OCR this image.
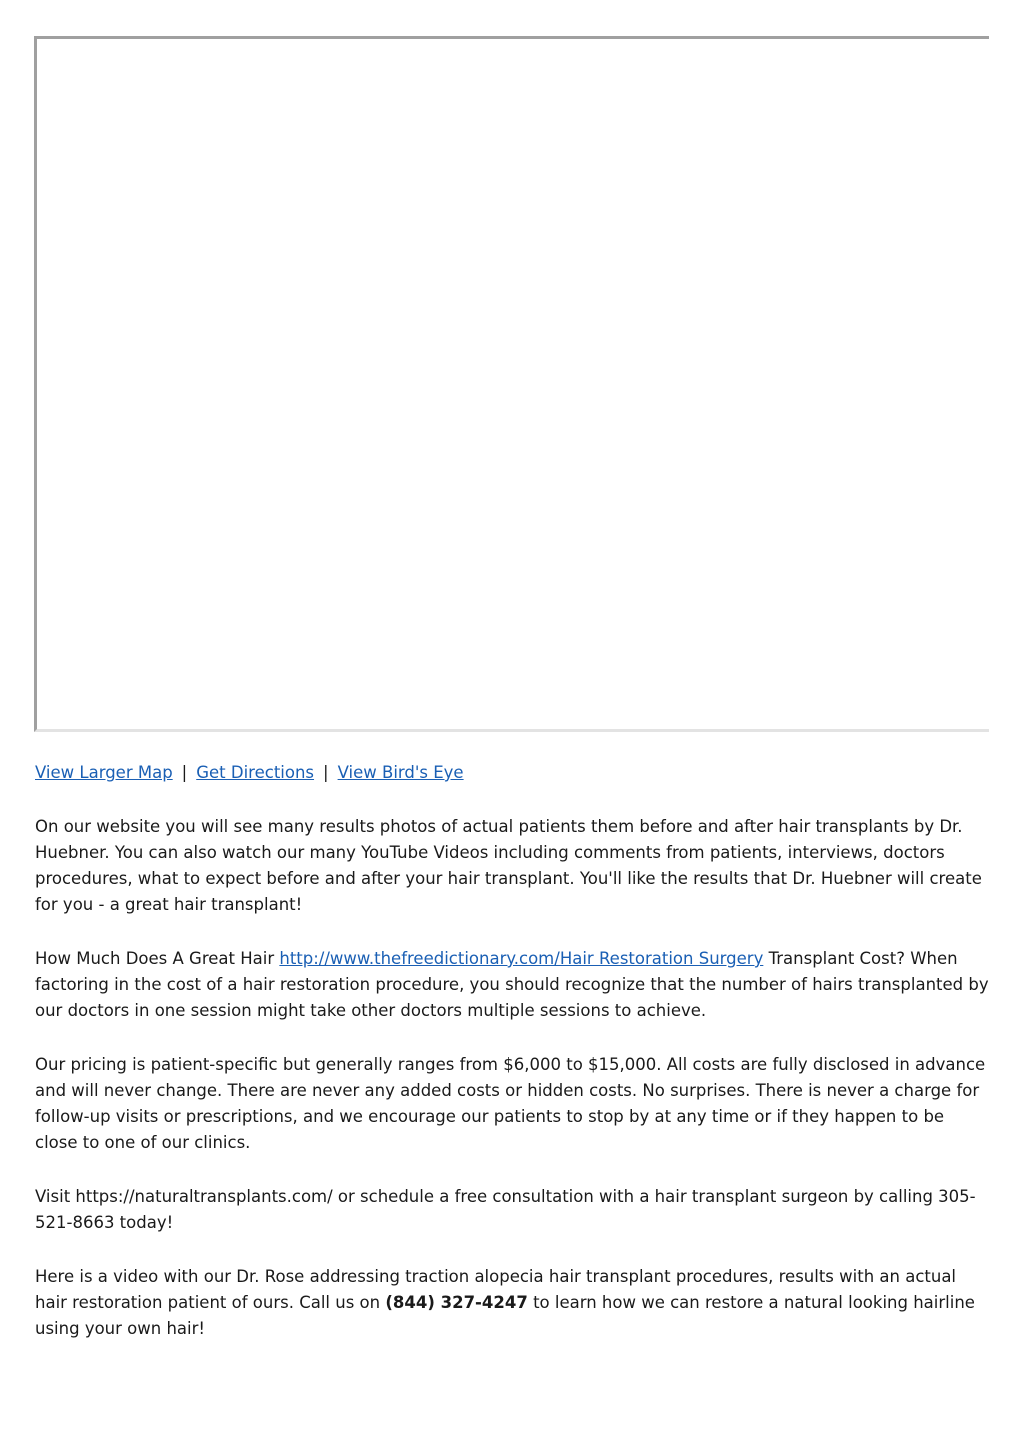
View Larger Map | Get Directions | View Bird's Eye

On our website you will see many results photos of actual patients them before and after hair transplants by Dr. Huebner. You can also watch our many YouTube Videos including comments from patients, interviews, doctors procedures, what to expect before and after your hair transplant. You'll like the results that Dr. Huebner will create for you - a great hair transplant!

How Much Does A Great Hair http://www.thefreedictionary.com/Hair Restoration Surgery Transplant Cost? When factoring in the cost of a hair restoration procedure, you should recognize that the number of hairs transplanted by our doctors in one session might take other doctors multiple sessions to achieve.

Our pricing is patient-specific but generally ranges from $6,000 to $15,000. All costs are fully disclosed in advance and will never change. There are never any added costs or hidden costs. No surprises. There is never a charge for follow-up visits or prescriptions, and we encourage our patients to stop by at any time or if they happen to be close to one of our clinics.

Visit https://naturaltransplants.com/ or schedule a free consultation with a hair transplant surgeon by calling 305-521-8663 today!

Here is a video with our Dr. Rose addressing traction alopecia hair transplant procedures, results with an actual hair restoration patient of ours. Call us on (844) 327-4247 to learn how we can restore a natural looking hairline using your own hair!
